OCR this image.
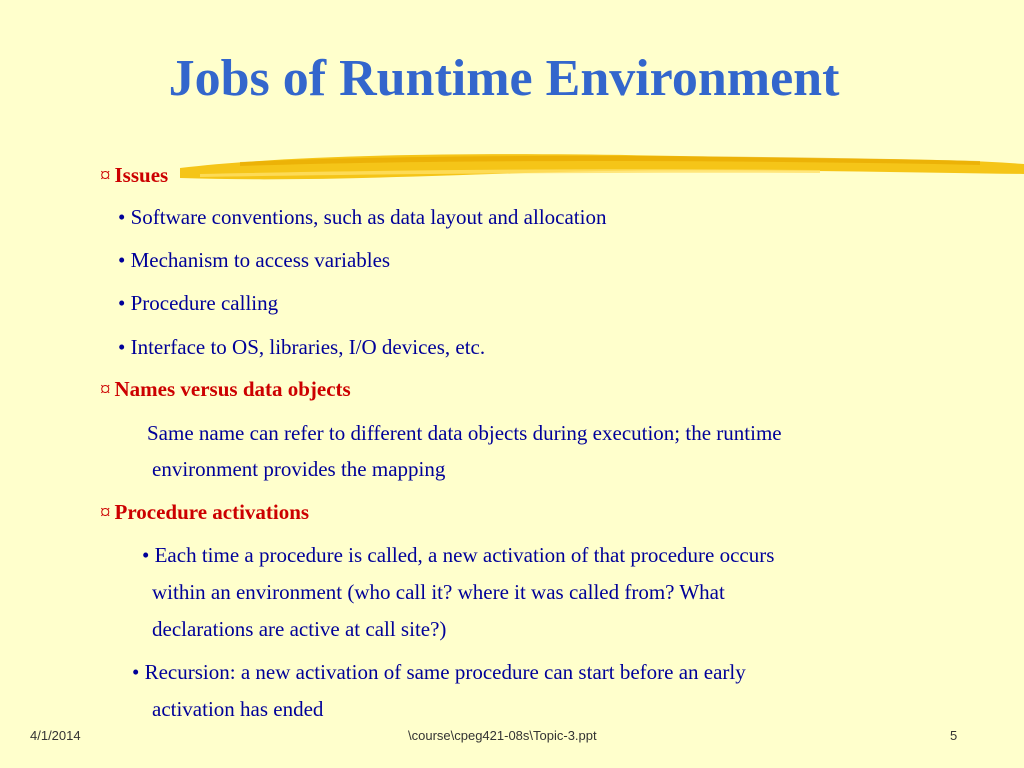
Jobs of Runtime Environment
¤ Issues
• Software conventions, such as data layout and allocation
• Mechanism to access variables
• Procedure calling
• Interface to OS, libraries, I/O devices, etc.
¤ Names versus data objects
Same name can refer to different data objects during execution; the runtime
environment provides the mapping
¤ Procedure activations
• Each time a procedure is called, a new activation of that procedure occurs
within an environment (who call it? where it was called from? What
declarations are active at call site?)
• Recursion: a new activation of same procedure can start before an early
activation has ended
4/1/2014	\course\cpeg421-08s\Topic-3.ppt	5
